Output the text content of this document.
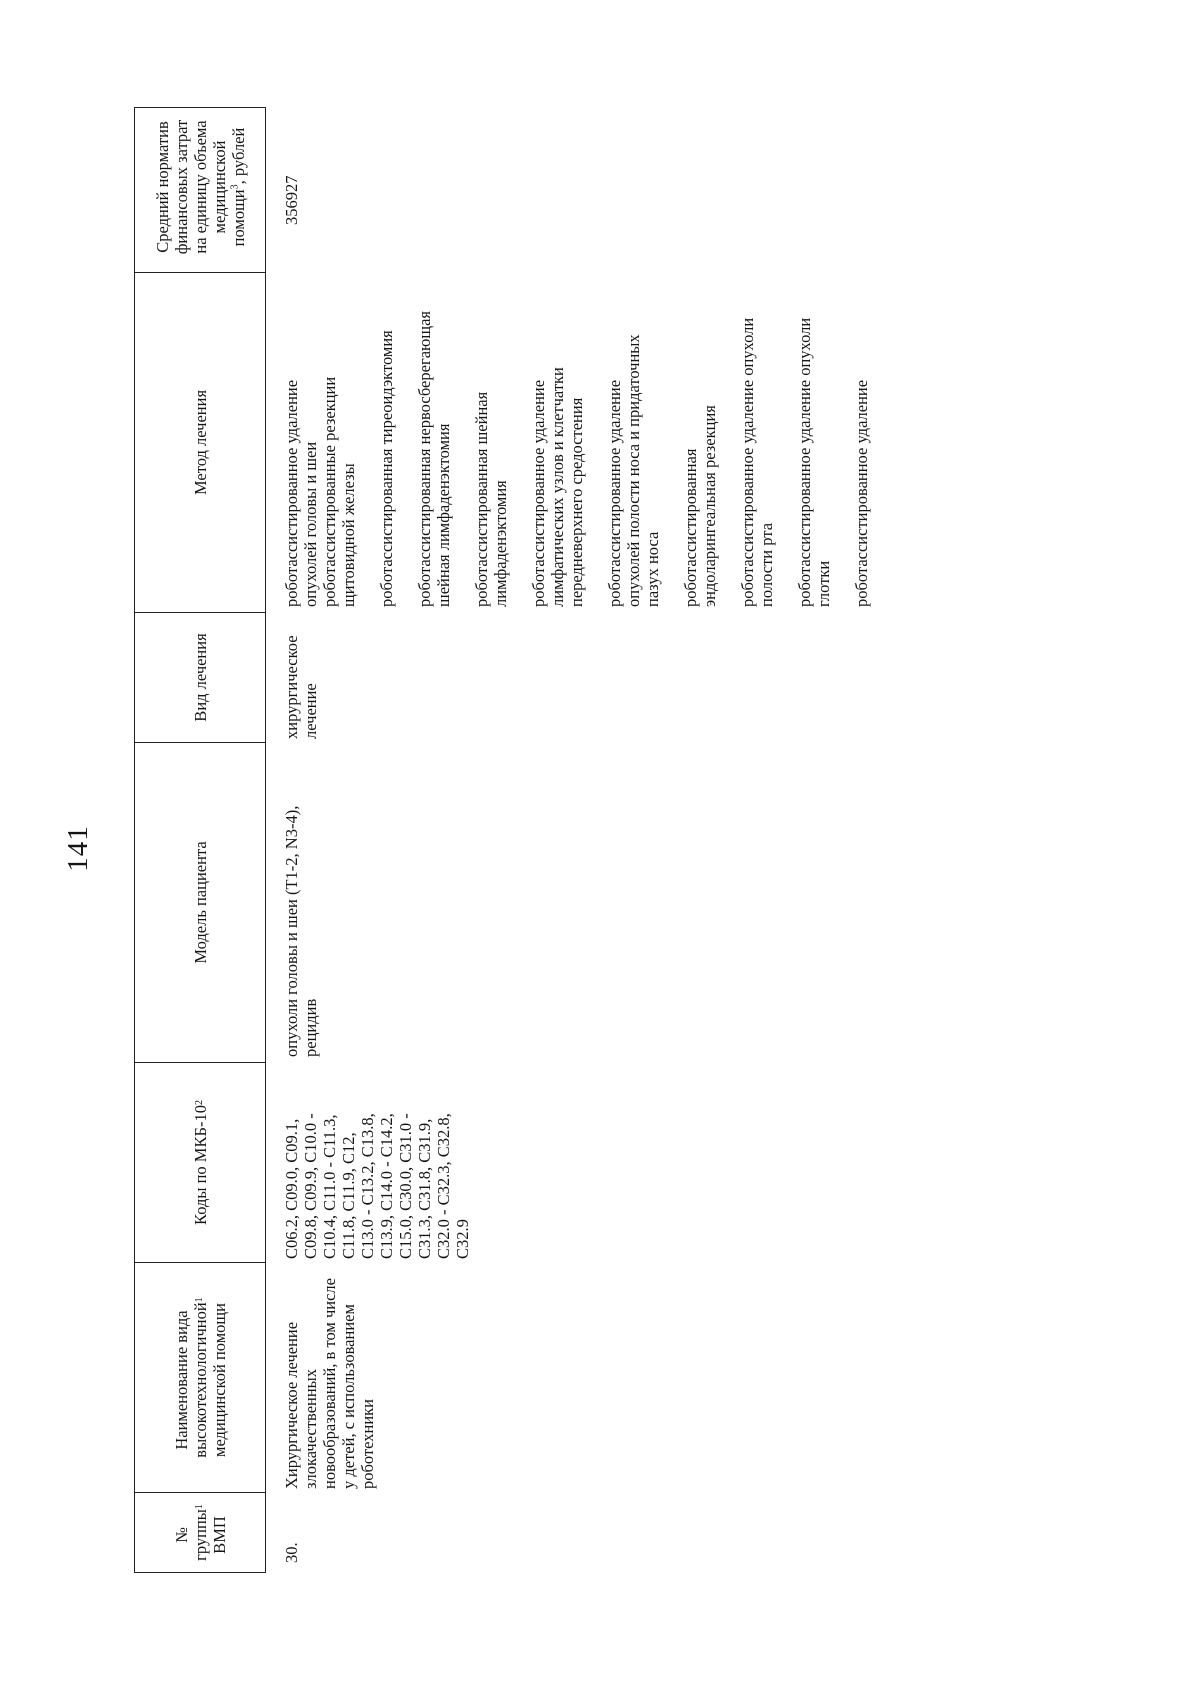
141
№
группы
ВМП
1
Наименование вида
высокотехнологичной
медицинской помощи
1
Коды по МКБ-10
2
Модель пациента
Вид лечения
Метод лечения
Средний норматив
финансовых затрат
на единицу объема
медицинской
помощи$^3$, рублей
30.
Хирургическое лечение
злокачественных
новообразований, в том числе
у детей, с использованием
роботехники
C06.2, C09.0, C09.1,
C09.8, C09.9, C10.0 -
C10.4, C11.0 - C11.3,
C11.8, C11.9, C12,
C13.0 - C13.2, C13.8,
C13.9, C14.0 - C14.2,
C15.0, C30.0, C31.0 -
C31.3, C31.8, C31.9,
C32.0 - C32.3, C32.8,
C32.9
опухоли головы и шеи (T1-2, N3-4),
рецидив
хирургическое
лечение
роботассистированное удаление
опухолей головы и шеи роботассистированные резекции
щитовидной железы роботассистированная тиреоидэктомия роботассистированная нервосберегающая
шейная лимфаденэктомия роботассистированная шейная
лимфаденэктомия роботассистированное удаление
лимфатических узлов и клетчатки
передневерхнего средостения
роботассистированное удаление
опухолей полости носа и придаточных
пазух носа роботассистированная
эндоларингеальная резекция
роботассистированное удаление опухоли
полости рта роботассистированное удаление опухоли
глотки роботассистированное удаление
356927
